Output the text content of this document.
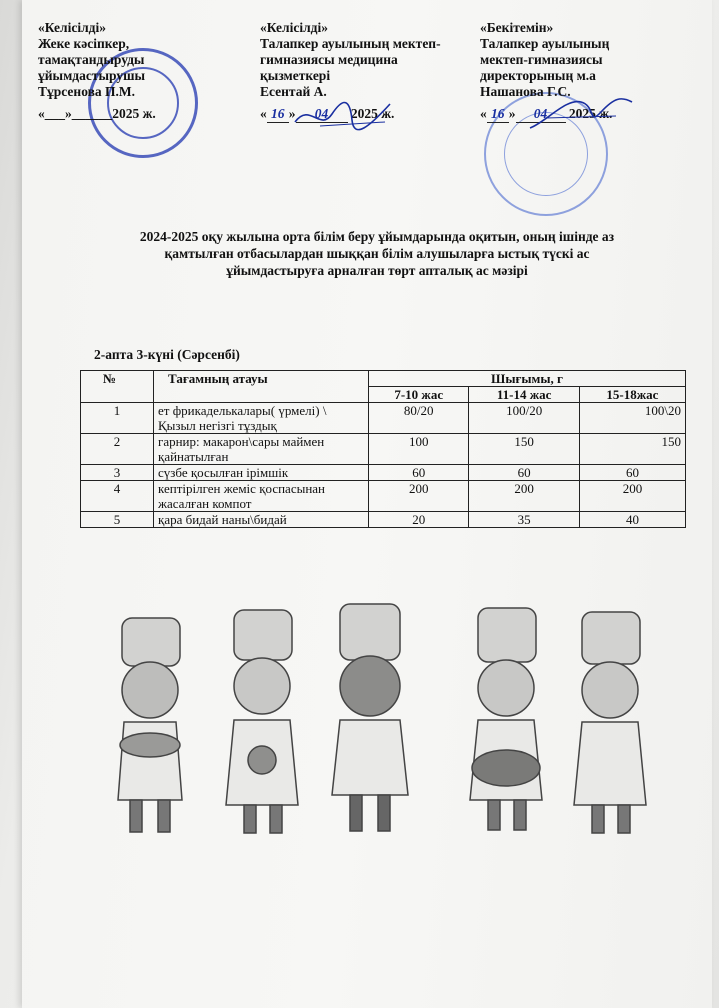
«Келісілді»
Жеке кәсіпкер,
тамақтандыруды
ұйымдастырушы
Тұрсенова П.М.
«___»______2025 ж.
«Келісілді»
Талапкер ауылының мектеп-
гимназиясы медицина
қызметкері
Есентай А.
« 16 » 04 2025 ж.
«Бекітемін»
Талапкер ауылының
мектеп-гимназиясы
директорының м.а
Нашанова Г.С.
« 16 » 04 2025 ж.
2024-2025 оқу жылына орта білім беру ұйымдарында оқитын, оның ішінде аз
қамтылған отбасылардан шыққан білім алушыларға ыстық түскі ас
ұйымдастыруға арналған төрт апталық ас мәзірі
2-апта 3-күні (Сәрсенбі)
№	Тағамның атауы	Шығымы, г		
		7-10 жас	11-14 жас	15-18жас
1	ет фрикаделькалары( үрмелі) \ Қызыл негізгі тұздық	80/20	100/20	100\20
2	гарнир: макарон\сары маймен қайнатылған	100	150	150
3	сүзбе қосылған ірімшік	60	60	60
4	кептірілген жеміс қоспасынан жасалған компот	200	200	200
5	қара бидай наны\бидай	20	35	40
